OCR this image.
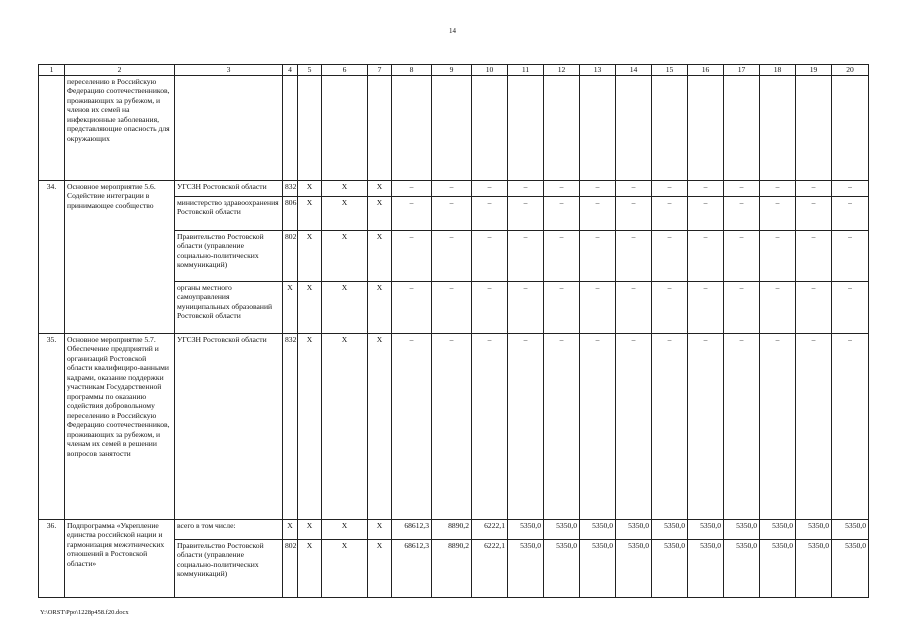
14
1	2	3	4	5	6	7	8	9	10	11	12	13	14	15	16	17	18	19	20
	переселению в Российскую Федерацию соотечественников, проживающих за рубежом, и членов их семей на инфекционные заболевания, представляющие опасность для окружающих																		
34.	Основное мероприятие 5.6. Содействие интеграции в принимающее сообщество	УГСЗН Ростовской области	832	X	X	X	–	–	–	–	–	–	–	–	–	–	–	–	–
		министерство здравоохранения Ростовской области	806	X	X	X	–	–	–	–	–	–	–	–	–	–	–	–	–
		Правительство Ростовской области (управление социально-политических коммуникаций)	802	X	X	X	–	–	–	–	–	–	–	–	–	–	–	–	–
		органы местного самоуправления муниципальных образований Ростовской области	X	X	X	X	–	–	–	–	–	–	–	–	–	–	–	–	–
35.	Основное мероприятие 5.7. Обеспечение предприятий и организаций Ростовской области квалифициро-ванными кадрами, оказание поддержки участникам Государственной программы по оказанию содействия добровольному переселению в Российскую Федерацию соотечественников, проживающих за рубежом, и членам их семей в решении вопросов занятости	УГСЗН Ростовской области	832	X	X	X	–	–	–	–	–	–	–	–	–	–	–	–	–
36.	Подпрограмма «Укрепление единства российской нации и гармонизация межэтнических отношений в Ростовской области»	всего в том числе:	X	X	X	X	68612,3	8890,2	6222,1	5350,0	5350,0	5350,0	5350,0	5350,0	5350,0	5350,0	5350,0	5350,0	5350,0
		Правительство Ростовской области (управление социально-политических коммуникаций)	802	X	X	X	68612,3	8890,2	6222,1	5350,0	5350,0	5350,0	5350,0	5350,0	5350,0	5350,0	5350,0	5350,0	5350,0
Y:\ORST\Ppo\1228p458.f20.docx
